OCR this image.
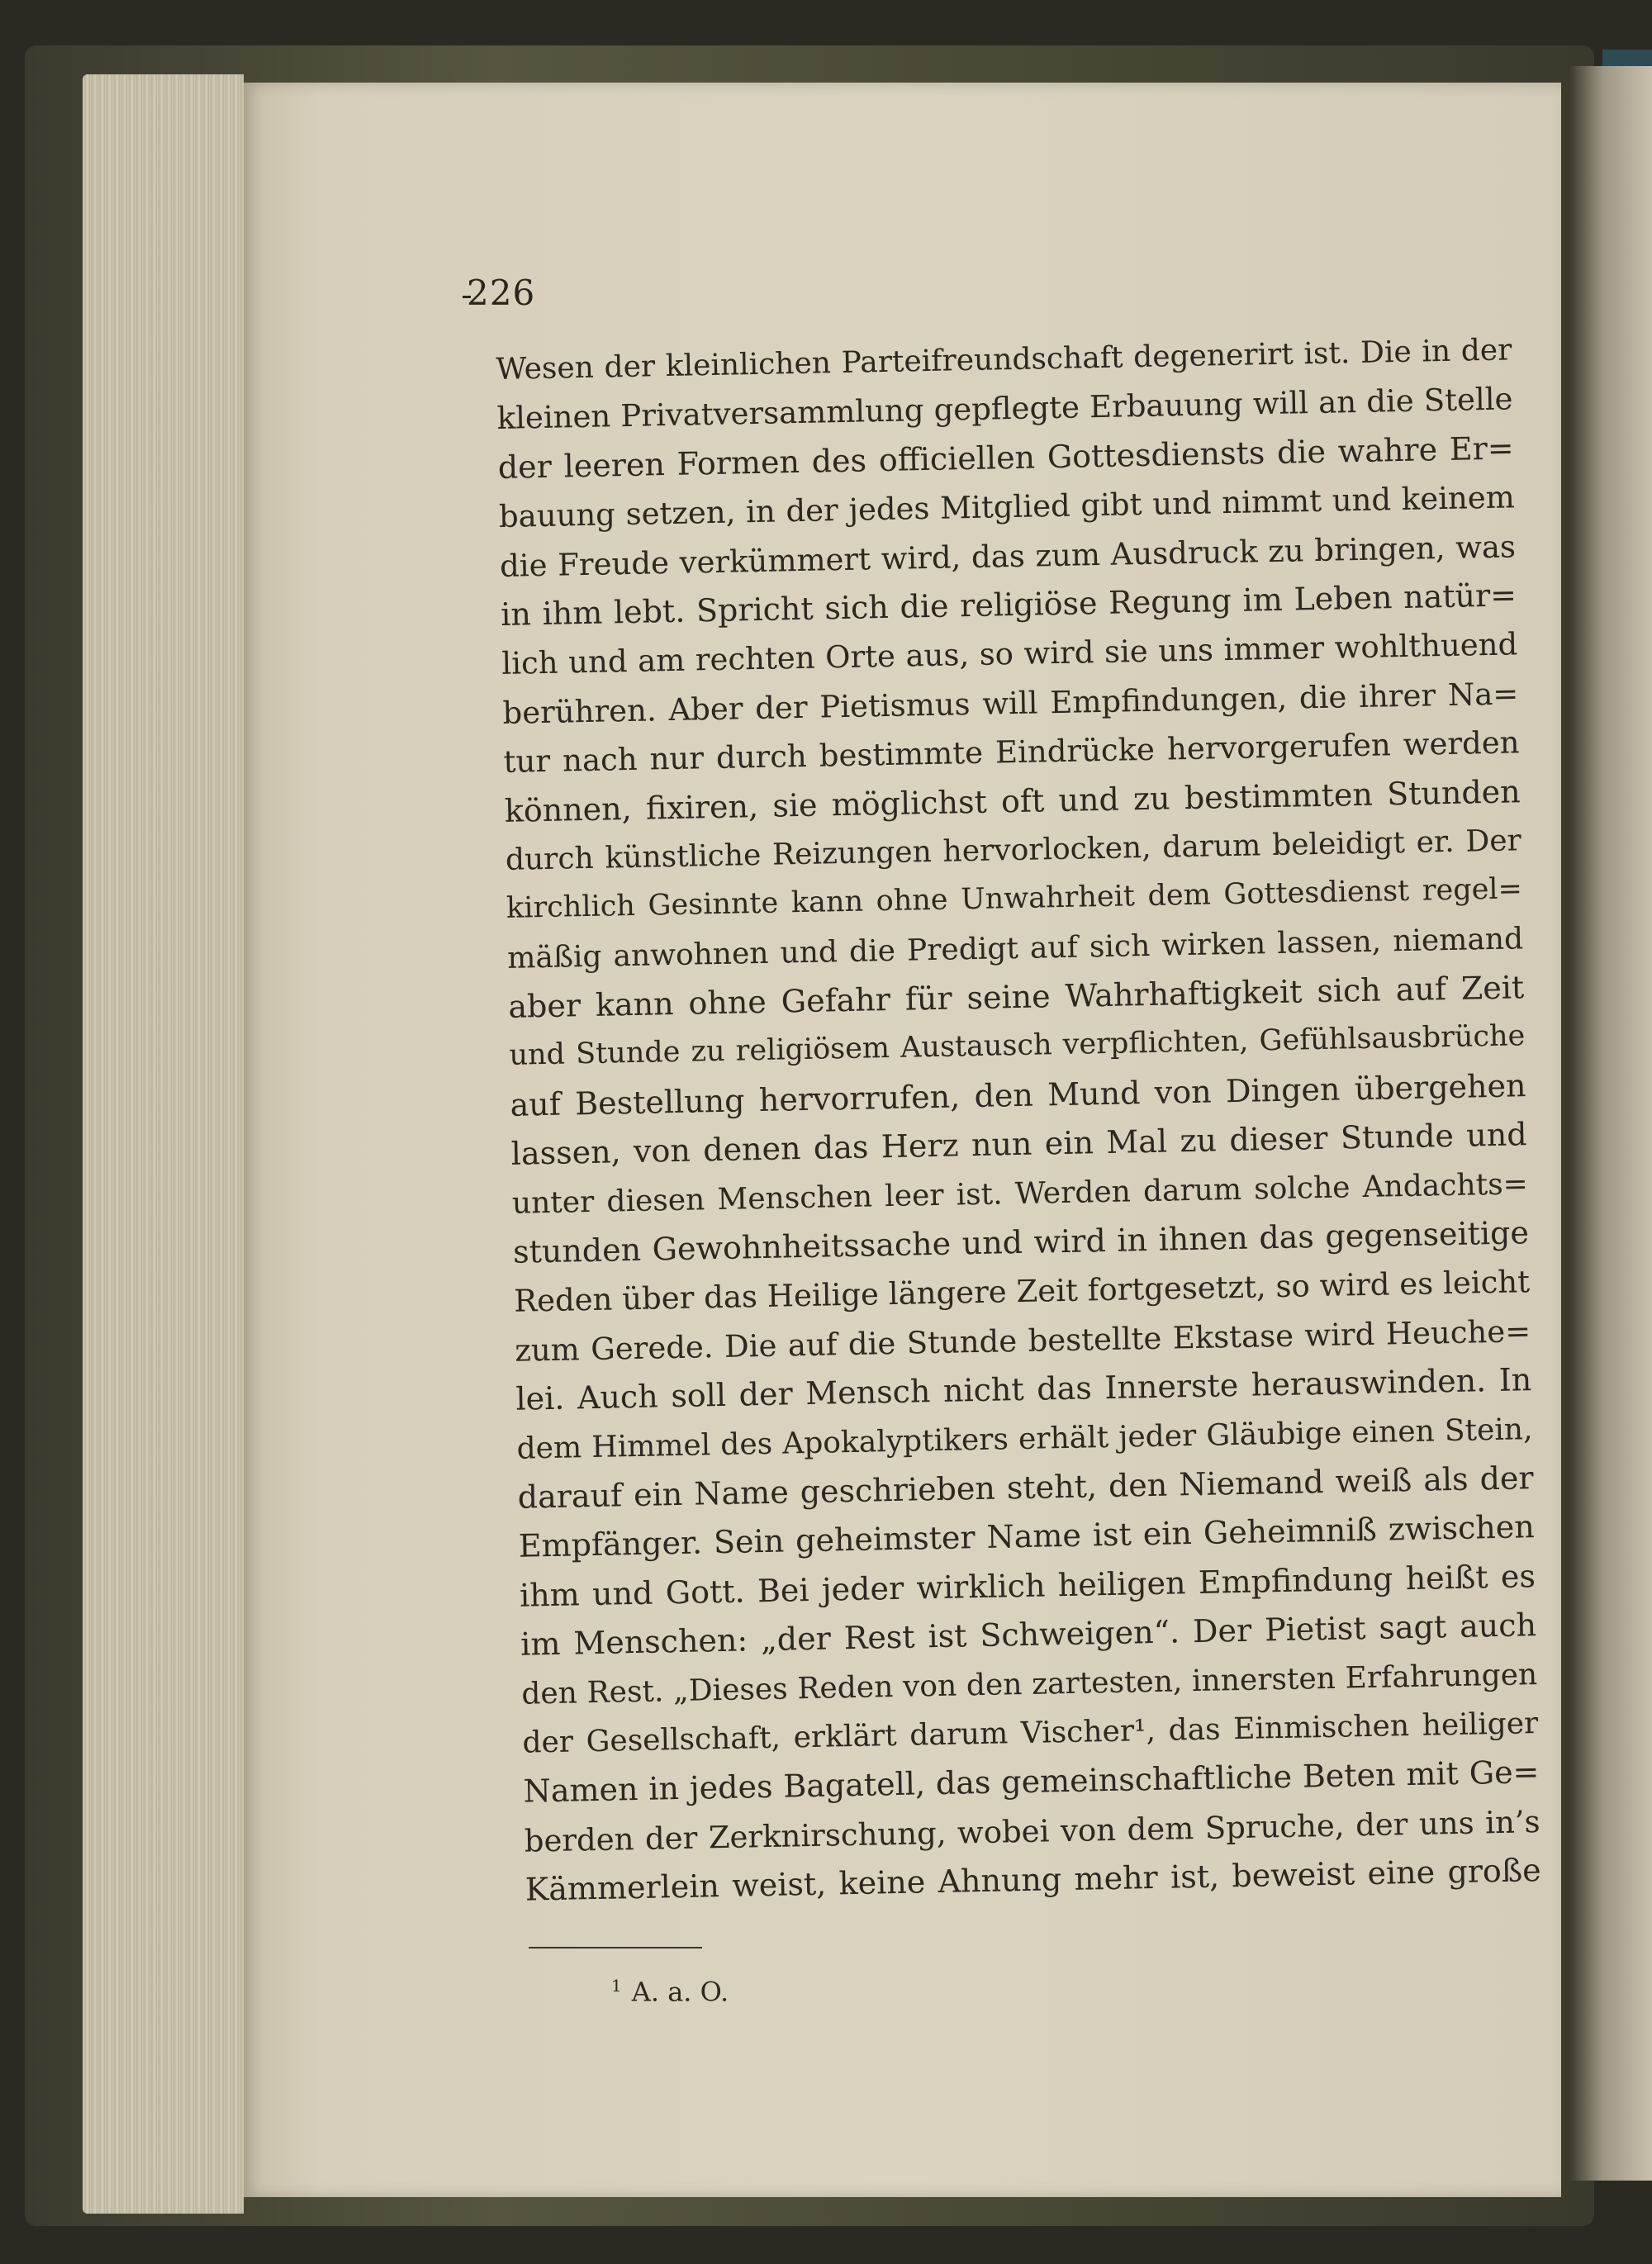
226
Wesen der kleinlichen Parteifreundschaft degenerirt ist. Die in der
kleinen Privatversammlung gepflegte Erbauung will an die Stelle
der leeren Formen des officiellen Gottesdiensts die wahre Er=
bauung setzen, in der jedes Mitglied gibt und nimmt und keinem
die Freude verkümmert wird, das zum Ausdruck zu bringen, was
in ihm lebt. Spricht sich die religiöse Regung im Leben natür=
lich und am rechten Orte aus, so wird sie uns immer wohlthuend
berühren. Aber der Pietismus will Empfindungen, die ihrer Na=
tur nach nur durch bestimmte Eindrücke hervorgerufen werden
können, fixiren, sie möglichst oft und zu bestimmten Stunden
durch künstliche Reizungen hervorlocken, darum beleidigt er. Der
kirchlich Gesinnte kann ohne Unwahrheit dem Gottesdienst regel=
mäßig anwohnen und die Predigt auf sich wirken lassen, niemand
aber kann ohne Gefahr für seine Wahrhaftigkeit sich auf Zeit
und Stunde zu religiösem Austausch verpflichten, Gefühlsausbrüche
auf Bestellung hervorrufen, den Mund von Dingen übergehen
lassen, von denen das Herz nun ein Mal zu dieser Stunde und
unter diesen Menschen leer ist. Werden darum solche Andachts=
stunden Gewohnheitssache und wird in ihnen das gegenseitige
Reden über das Heilige längere Zeit fortgesetzt, so wird es leicht
zum Gerede. Die auf die Stunde bestellte Ekstase wird Heuche=
lei. Auch soll der Mensch nicht das Innerste herauswinden. In
dem Himmel des Apokalyptikers erhält jeder Gläubige einen Stein,
darauf ein Name geschrieben steht, den Niemand weiß als der
Empfänger. Sein geheimster Name ist ein Geheimniß zwischen
ihm und Gott. Bei jeder wirklich heiligen Empfindung heißt es
im Menschen: „der Rest ist Schweigen“. Der Pietist sagt auch
den Rest. „Dieses Reden von den zartesten, innersten Erfahrungen
der Gesellschaft, erklärt darum Vischer¹, das Einmischen heiliger
Namen in jedes Bagatell, das gemeinschaftliche Beten mit Ge=
berden der Zerknirschung, wobei von dem Spruche, der uns in’s
Kämmerlein weist, keine Ahnung mehr ist, beweist eine große
$^1$ A. a. O.
